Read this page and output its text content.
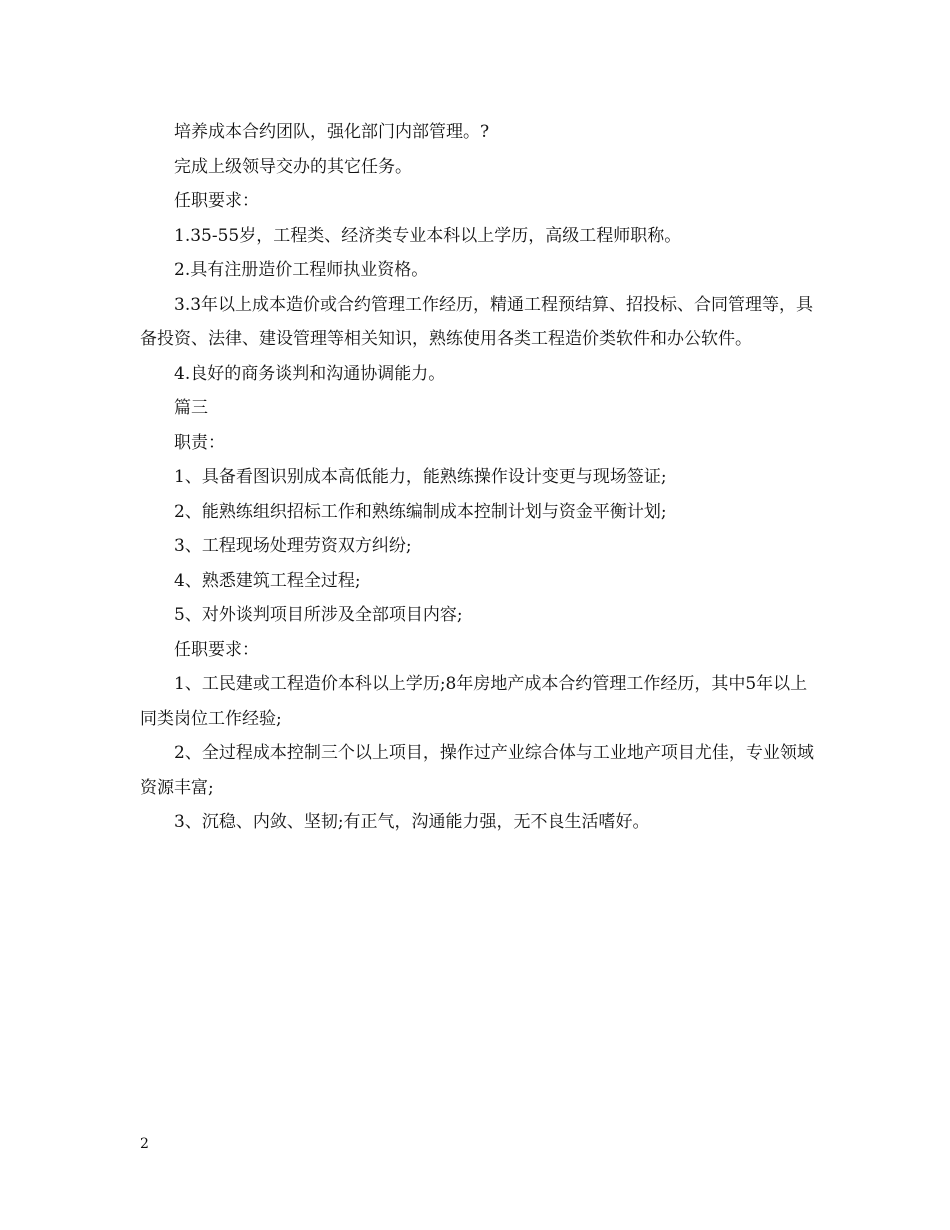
培养成本合约团队，强化部门内部管理。?

完成上级领导交办的其它任务。

任职要求：

1.35-55岁，工程类、经济类专业本科以上学历，高级工程师职称。

2.具有注册造价工程师执业资格。

3.3年以上成本造价或合约管理工作经历，精通工程预结算、招投标、合同管理等，具备投资、法律、建设管理等相关知识，熟练使用各类工程造价类软件和办公软件。

4.良好的商务谈判和沟通协调能力。

篇三

职责：

1、具备看图识别成本高低能力，能熟练操作设计变更与现场签证;

2、能熟练组织招标工作和熟练编制成本控制计划与资金平衡计划;

3、工程现场处理劳资双方纠纷;

4、熟悉建筑工程全过程;

5、对外谈判项目所涉及全部项目内容;

任职要求：

1、工民建或工程造价本科以上学历;8年房地产成本合约管理工作经历，其中5年以上同类岗位工作经验;

2、全过程成本控制三个以上项目，操作过产业综合体与工业地产项目尤佳，专业领域资源丰富;

3、沉稳、内敛、坚韧;有正气，沟通能力强，无不良生活嗜好。

2
